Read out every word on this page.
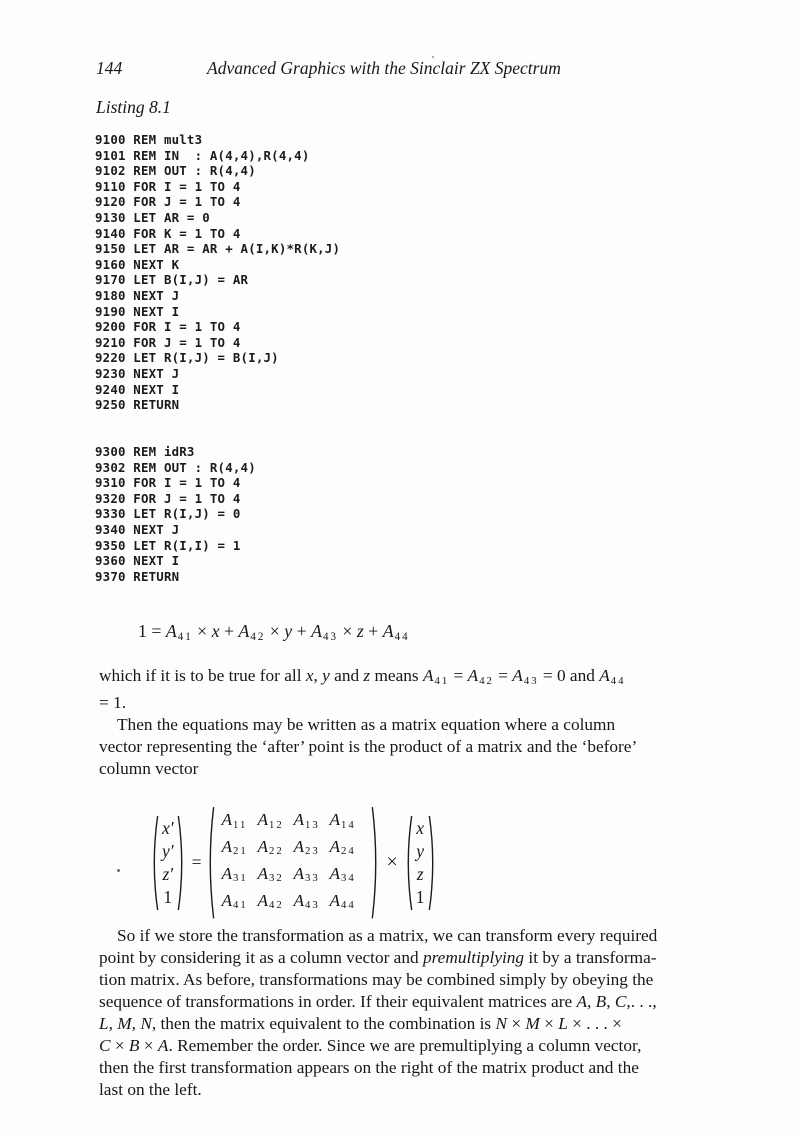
144	Advanced Graphics with the Sinclair ZX Spectrum
Listing 8.1
9100 REM mult3
9101 REM IN  : A(4,4),R(4,4)
9102 REM OUT : R(4,4)
9110 FOR I = 1 TO 4
9120 FOR J = 1 TO 4
9130 LET AR = 0
9140 FOR K = 1 TO 4
9150 LET AR = AR + A(I,K)*R(K,J)
9160 NEXT K
9170 LET B(I,J) = AR
9180 NEXT J
9190 NEXT I
9200 FOR I = 1 TO 4
9210 FOR J = 1 TO 4
9220 LET R(I,J) = B(I,J)
9230 NEXT J
9240 NEXT I
9250 RETURN
9300 REM idR3
9302 REM OUT : R(4,4)
9310 FOR I = 1 TO 4
9320 FOR J = 1 TO 4
9330 LET R(I,J) = 0
9340 NEXT J
9350 LET R(I,I) = 1
9360 NEXT I
9370 RETURN
1 = A41 × x + A42 × y + A43 × z + A44
which if it is to be true for all x, y and z means A41 = A42 = A43 = 0 and A44
= 1.
Then the equations may be written as a matrix equation where a column
vector representing the ‘after’ point is the product of a matrix and the ‘before’
column vector
x′
y′
z′
1
=
A11 A12 A13 A14
A21 A22 A23 A24
A31 A32 A33 A34
A41 A42 A43 A44
×
x
y
z
1
So if we store the transformation as a matrix, we can transform every required
point by considering it as a column vector and premultiplying it by a transforma-
tion matrix. As before, transformations may be combined simply by obeying the
sequence of transformations in order. If their equivalent matrices are A, B, C,. . .,
L, M, N, then the matrix equivalent to the combination is N × M × L × . . . ×
C × B × A. Remember the order. Since we are premultiplying a column vector,
then the first transformation appears on the right of the matrix product and the
last on the left.
